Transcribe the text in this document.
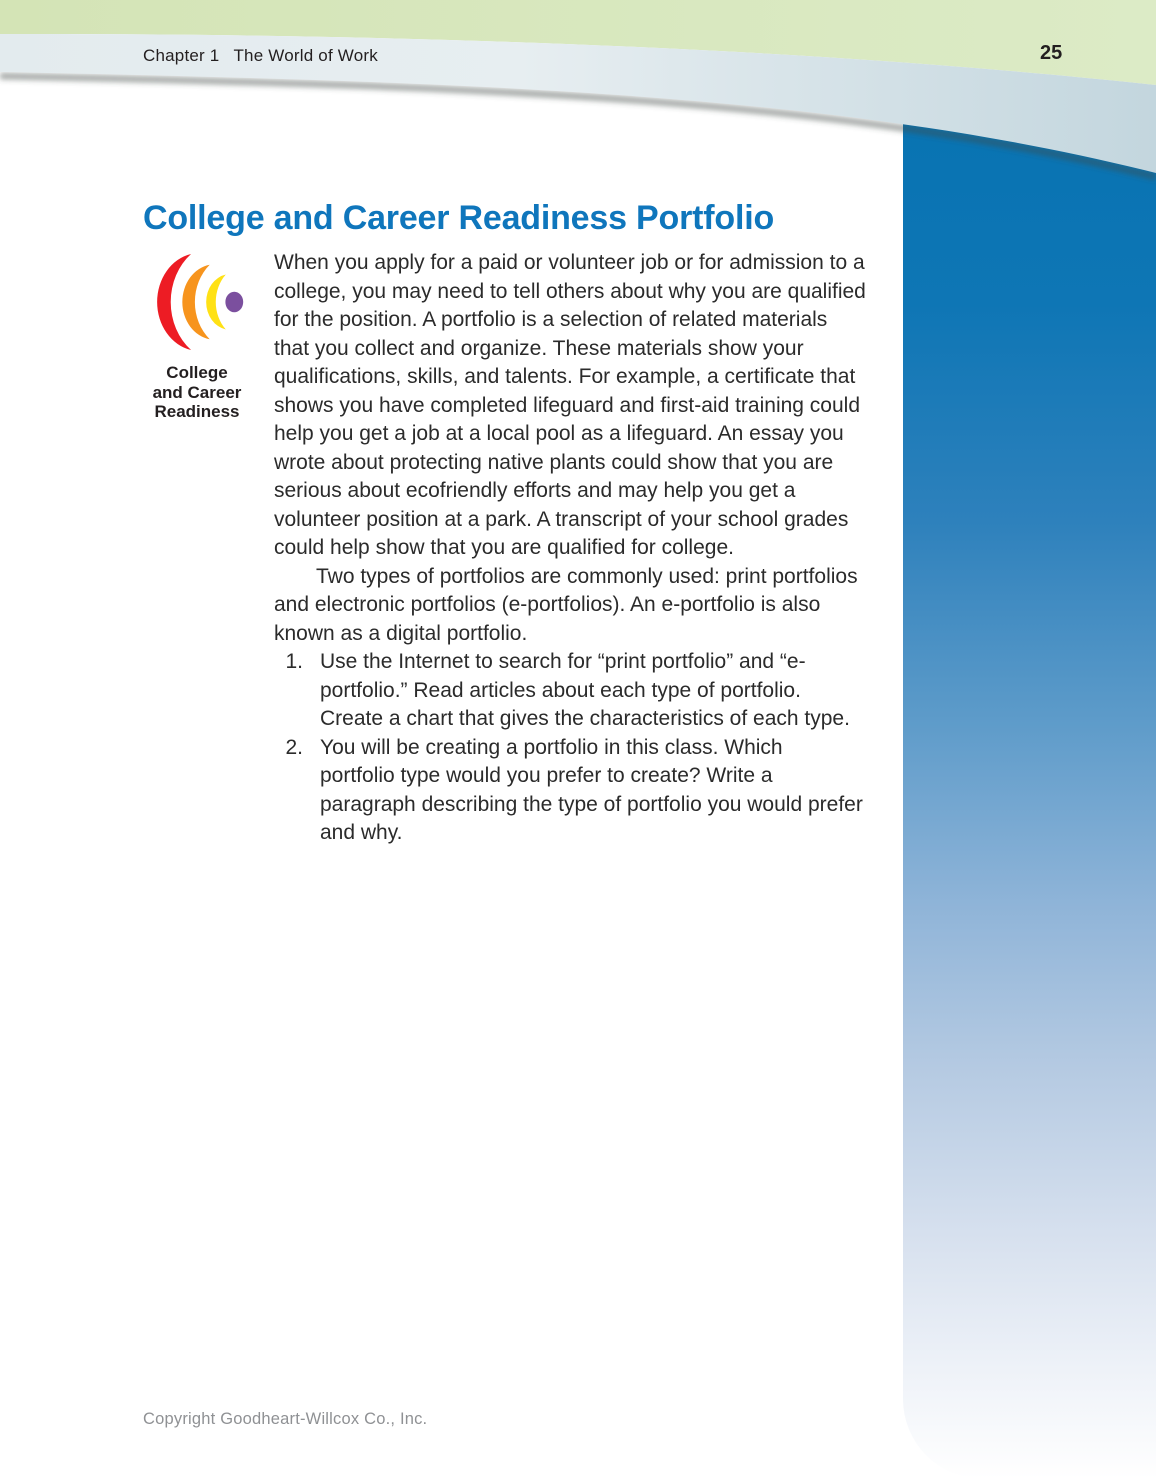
Chapter 1 The World of Work	25
College and Career Readiness Portfolio
College
and Career
Readiness

When you apply for a paid or volunteer job or for admission to a college, you may need to tell others about why you are qualified for the position. A portfolio is a selection of related materials that you collect and organize. These materials show your qualifications, skills, and talents. For example, a certificate that shows you have completed lifeguard and first-aid training could help you get a job at a local pool as a lifeguard. An essay you wrote about protecting native plants could show that you are serious about ecofriendly efforts and may help you get a volunteer position at a park. A transcript of your school grades could help show that you are qualified for college.

Two types of portfolios are commonly used: print portfolios and electronic portfolios (e-portfolios). An e-portfolio is also known as a digital portfolio.

1. Use the Internet to search for “print portfolio” and “e-portfolio.” Read articles about each type of portfolio. Create a chart that gives the characteristics of each type.
2. You will be creating a portfolio in this class. Which portfolio type would you prefer to create? Write a paragraph describing the type of portfolio you would prefer and why.
Copyright Goodheart-Willcox Co., Inc.
